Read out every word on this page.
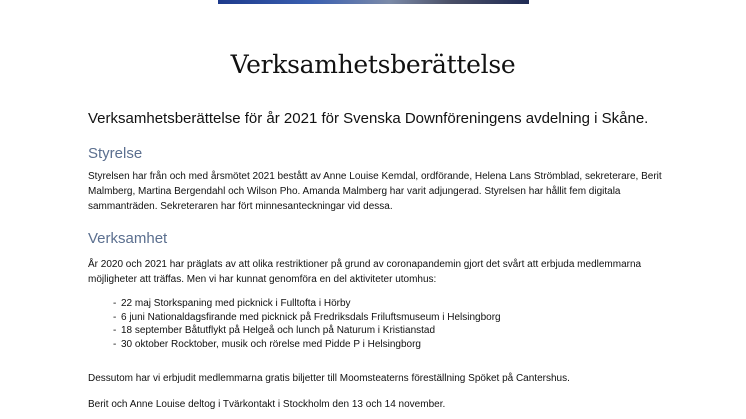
Verksamhetsberättelse
Verksamhetsberättelse för år 2021 för Svenska Downföreningens avdelning i Skåne.
Styrelse
Styrelsen har från och med årsmötet 2021 bestått av Anne Louise Kemdal, ordförande, Helena Lans Strömblad, sekreterare, Berit Malmberg, Martina Bergendahl och Wilson Pho. Amanda Malmberg har varit adjungerad. Styrelsen har hållit fem digitala sammanträden. Sekreteraren har fört minnesanteckningar vid dessa.
Verksamhet
År 2020 och 2021 har präglats av att olika restriktioner på grund av coronapandemin gjort det svårt att erbjuda medlemmarna möjligheter att träffas. Men vi har kunnat genomföra en del aktiviteter utomhus:
- 22 maj Storkspaning med picknick i Fulltofta i Hörby
- 6 juni Nationaldagsfirande med picknick på Fredriksdals Friluftsmuseum i Helsingborg
- 18 september Båtutflykt på Helgeå och lunch på Naturum i Kristianstad
- 30 oktober Rocktober, musik och rörelse med Pidde P i Helsingborg
Dessutom har vi erbjudit medlemmarna gratis biljetter till Moomsteaterns föreställning Spöket på Cantershus.
Berit och Anne Louise deltog i Tvärkontakt i Stockholm den 13 och 14 november.
